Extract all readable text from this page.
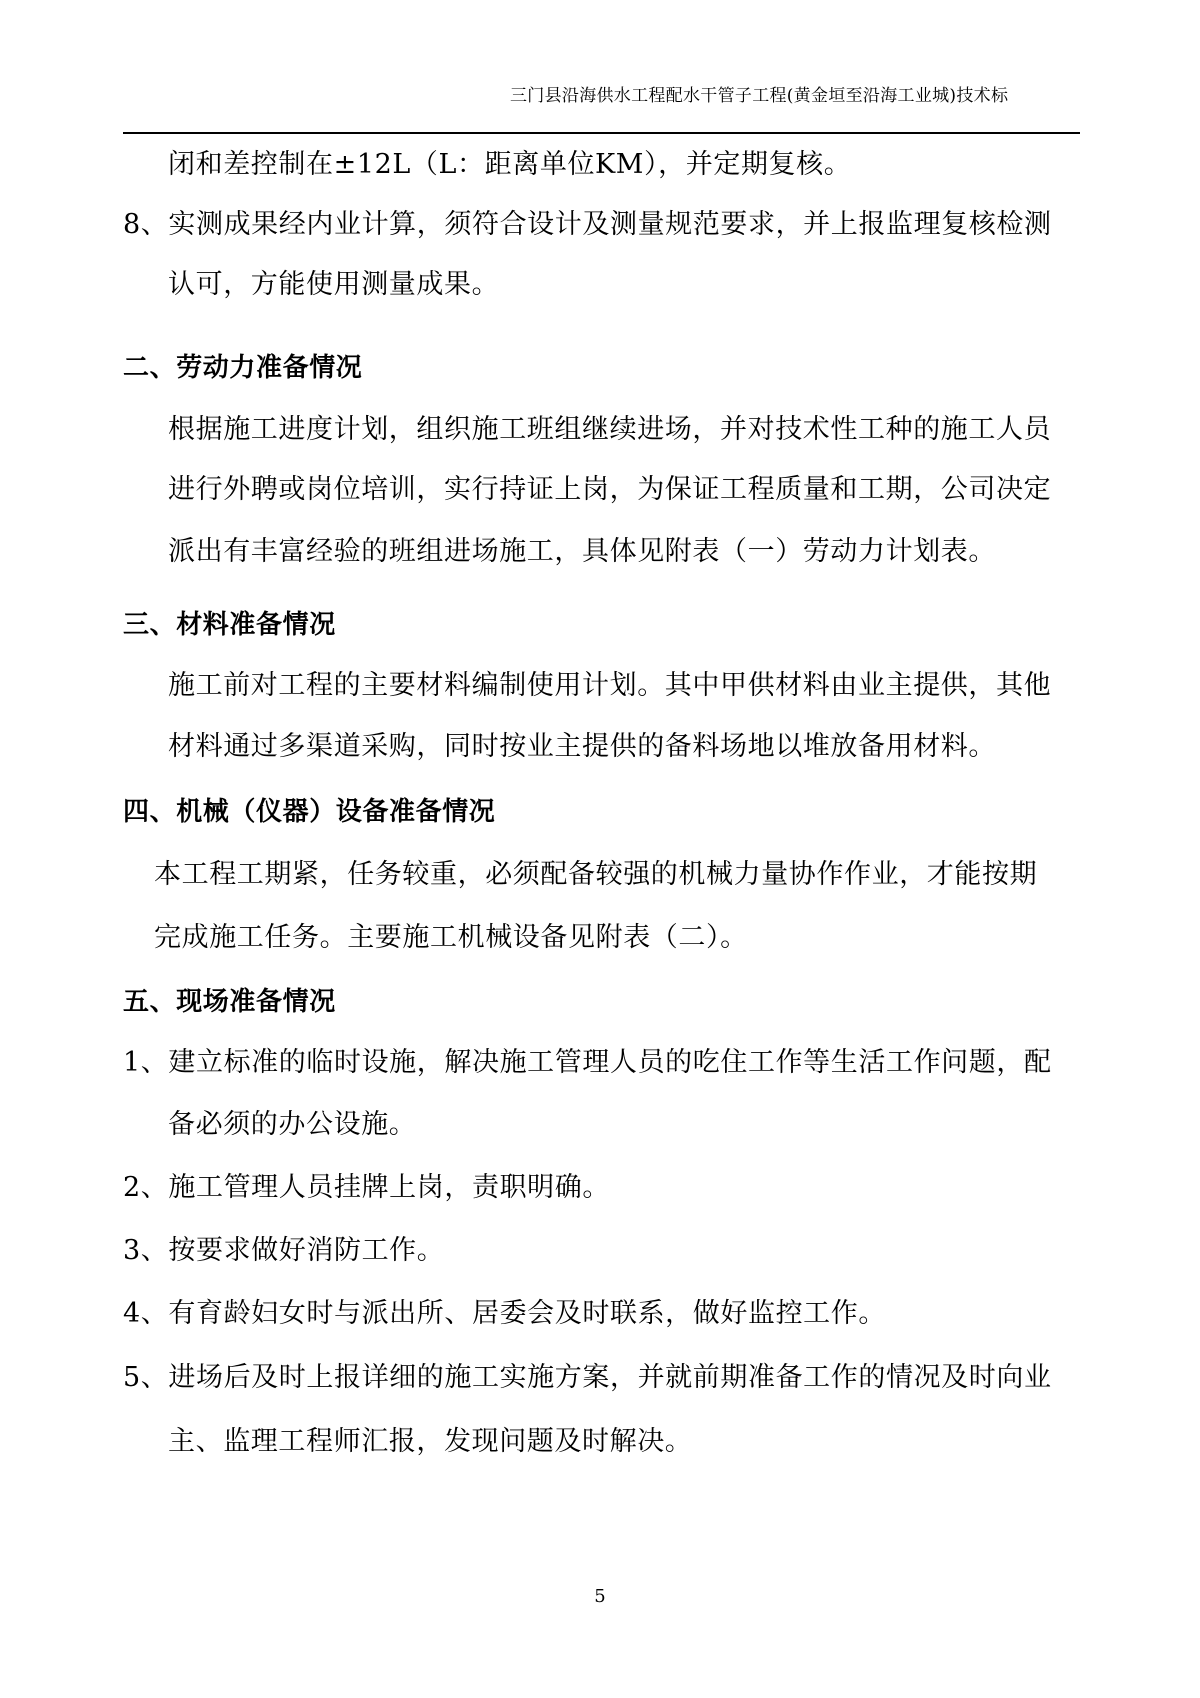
三门县沿海供水工程配水干管子工程(黄金垣至沿海工业城)技术标
闭和差控制在±12L（L：距离单位KM），并定期复核。
8、实测成果经内业计算，须符合设计及测量规范要求，并上报监理复核检测
认可，方能使用测量成果。
二、劳动力准备情况
根据施工进度计划，组织施工班组继续进场，并对技术性工种的施工人员
进行外聘或岗位培训，实行持证上岗，为保证工程质量和工期，公司决定
派出有丰富经验的班组进场施工，具体见附表（一）劳动力计划表。
三、材料准备情况
施工前对工程的主要材料编制使用计划。其中甲供材料由业主提供，其他
材料通过多渠道采购，同时按业主提供的备料场地以堆放备用材料。
四、机械（仪器）设备准备情况
本工程工期紧，任务较重，必须配备较强的机械力量协作作业，才能按期
完成施工任务。主要施工机械设备见附表（二）。
五、现场准备情况
1、建立标准的临时设施，解决施工管理人员的吃住工作等生活工作问题，配
备必须的办公设施。
2、施工管理人员挂牌上岗，责职明确。
3、按要求做好消防工作。
4、有育龄妇女时与派出所、居委会及时联系，做好监控工作。
5、进场后及时上报详细的施工实施方案，并就前期准备工作的情况及时向业
主、监理工程师汇报，发现问题及时解决。
5
